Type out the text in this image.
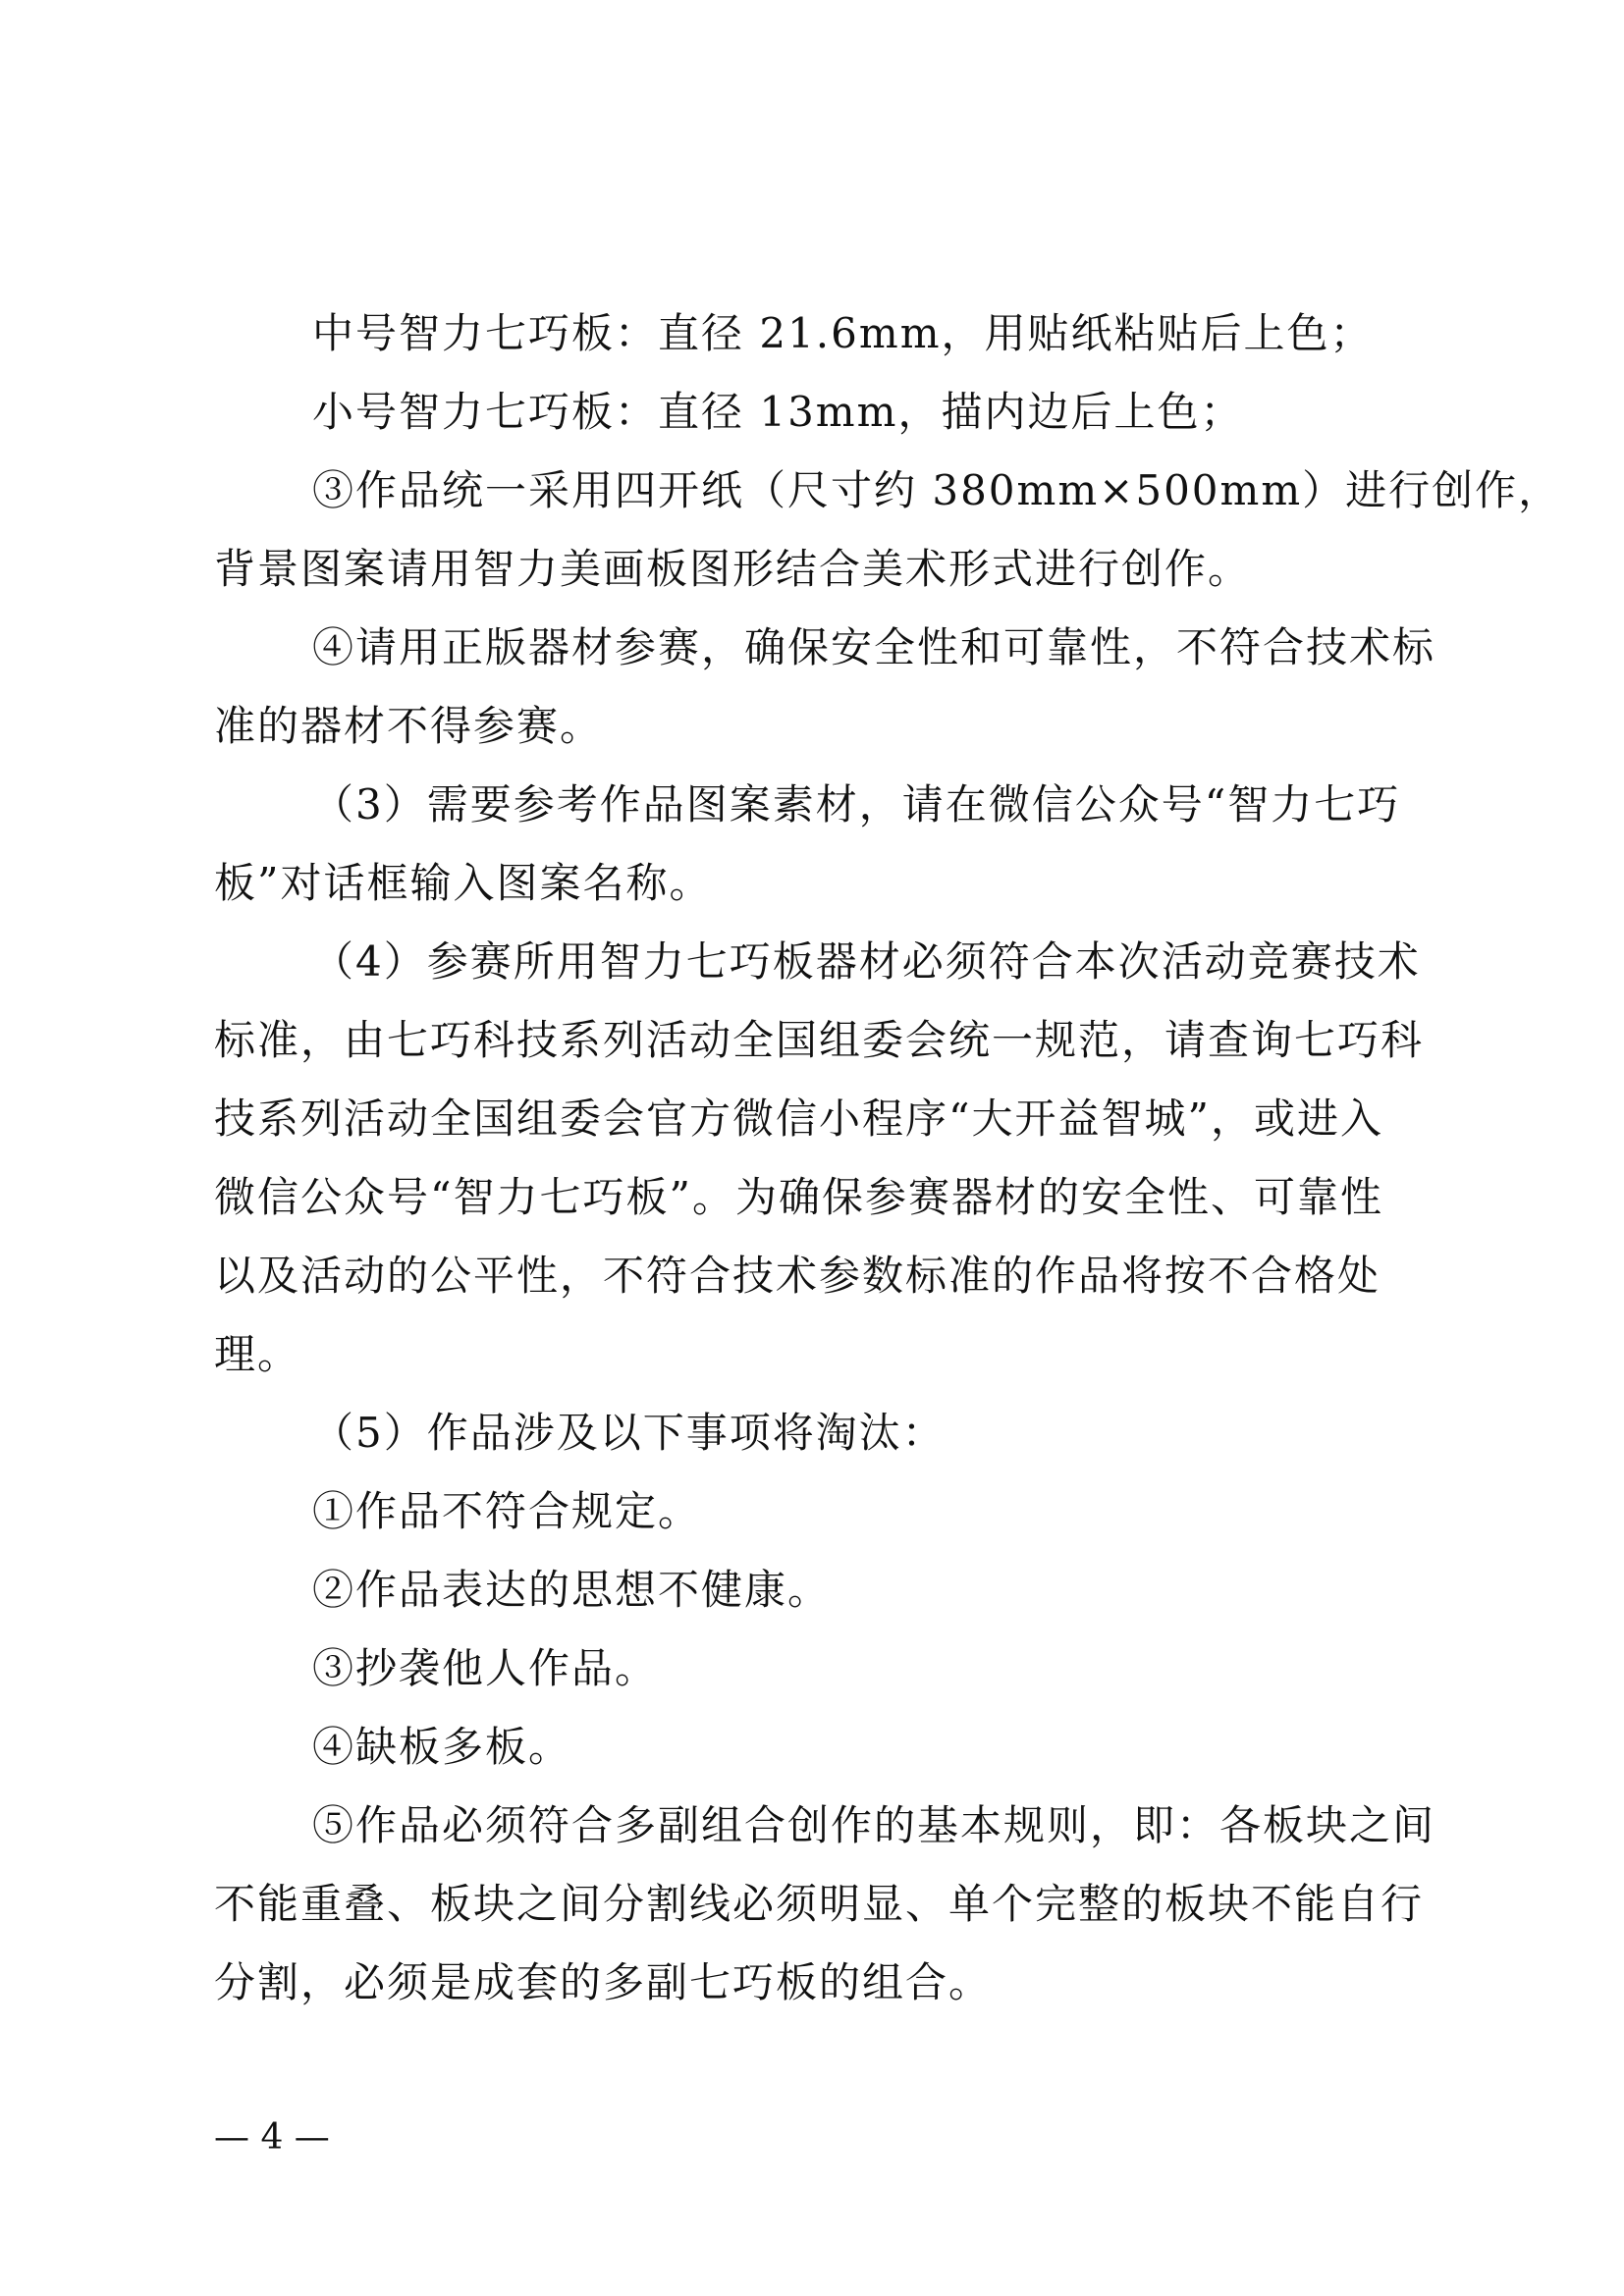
中号智力七巧板：直径 21.6mm，用贴纸粘贴后上色；
小号智力七巧板：直径 13mm，描内边后上色；
③作品统一采用四开纸（尺寸约 380mm×500mm）进行创作，
背景图案请用智力美画板图形结合美术形式进行创作。
④请用正版器材参赛，确保安全性和可靠性，不符合技术标
准的器材不得参赛。
（3）需要参考作品图案素材，请在微信公众号“智力七巧
板”对话框输入图案名称。
（4）参赛所用智力七巧板器材必须符合本次活动竞赛技术
标准，由七巧科技系列活动全国组委会统一规范，请查询七巧科
技系列活动全国组委会官方微信小程序“大开益智城”，或进入
微信公众号“智力七巧板”。为确保参赛器材的安全性、可靠性
以及活动的公平性，不符合技术参数标准的作品将按不合格处
理。
（5）作品涉及以下事项将淘汰：
①作品不符合规定。
②作品表达的思想不健康。
③抄袭他人作品。
④缺板多板。
⑤作品必须符合多副组合创作的基本规则，即：各板块之间
不能重叠、板块之间分割线必须明显、单个完整的板块不能自行
分割，必须是成套的多副七巧板的组合。
— 4 —
